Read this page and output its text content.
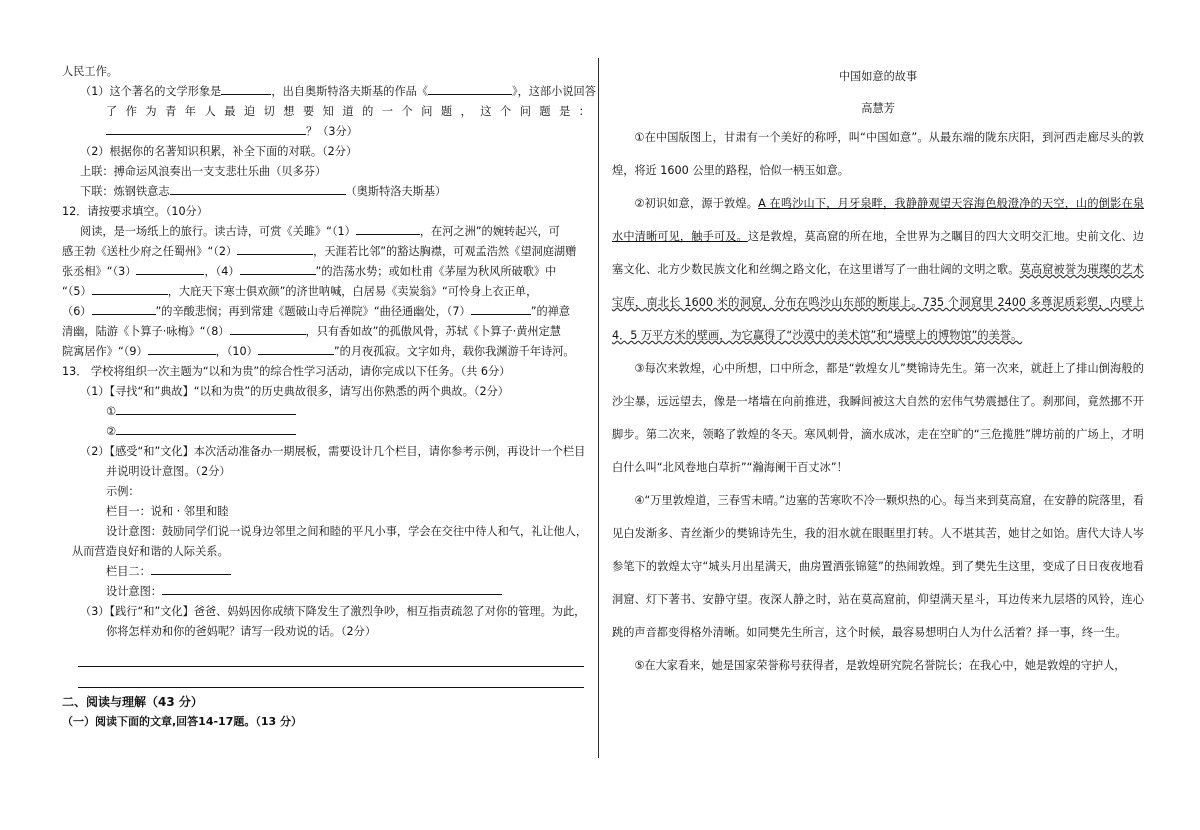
人民工作。
（1）这个著名的文学形象是	，出自奥斯特洛夫斯基的作品《	》，这部小说回答
了 作 为 青 年 人 最 迫 切 想 要 知 道 的 一 个 问 题 ， 这 个 问 题 是 ：
？（3分）
（2）根据你的名著知识积累，补全下面的对联。（2分）
上联：搏命运风浪奏出一支支悲壮乐曲（贝多芬）
下联：炼钢铁意志	（奥斯特洛夫斯基）
12．请按要求填空。（10分）
阅读，是一场纸上的旅行。读古诗，可赏《关雎》“（1）	，在河之洲”的婉转起兴，可
感王勃《送杜少府之任蜀州》“（2）	，天涯若比邻”的豁达胸襟，可观孟浩然《望洞庭湖赠
张丞相》“（3）	，（4）	”的浩荡水势；或如杜甫《茅屋为秋风所破歌》中
“（5）	，大庇天下寒士俱欢颜”的济世呐喊，白居易《卖炭翁》“可怜身上衣正单，
（6）	”的辛酸悲悯；再到常建《题破山寺后禅院》“曲径通幽处，（7）	”的禅意
清幽，陆游《卜算子·咏梅》“（8）	，只有香如故”的孤傲风骨，苏轼《卜算子·黄州定慧
院寓居作》“（9）	，（10）	”的月夜孤寂。文字如舟，载你我渊游千年诗河。
13． 学校将组织一次主题为“以和为贵”的综合性学习活动，请你完成以下任务。（共 6分）
（1）【寻找“和”典故】“以和为贵”的历史典故很多，请写出你熟悉的两个典故。（2分）
①
②
（2）【感受“和”文化】本次活动准备办一期展板，需要设计几个栏目，请你参考示例，再设计一个栏目
并说明设计意图。（2分）
示例：
栏目一：说和 · 邻里和睦
设计意图：鼓励同学们说一说身边邻里之间和睦的平凡小事，学会在交往中待人和气，礼让他人，
从而营造良好和谐的人际关系。
栏目二：
设计意图：
（3）【践行“和”文化】爸爸、妈妈因你成绩下降发生了激烈争吵，相互指责疏忽了对你的管理。为此，
你将怎样劝和你的爸妈呢？请写一段劝说的话。（2分）
二、阅读与理解（43 分）
（一）阅读下面的文章,回答14-17题。（13 分）
中国如意的故事
高慧芳
①在中国版图上，甘肃有一个美好的称呼，叫“中国如意”。从最东端的陇东庆阳，到河西走廊尽头的敦煌，将近 1600 公里的路程，恰似一柄玉如意。
②初识如意，源于敦煌。A 在鸣沙山下，月牙泉畔，我静静观望天容海色般澄净的天空，山的倒影在泉水中清晰可见，触手可及。这是敦煌，莫高窟的所在地，全世界为之瞩目的四大文明交汇地。史前文化、边塞文化、北方少数民族文化和丝绸之路文化，在这里谱写了一曲壮阔的文明之歌。莫高窟被誉为璀璨的艺术宝库，南北长 1600 米的洞窟，分布在鸣沙山东部的断崖上。735 个洞窟里 2400 多尊泥质彩塑，内壁上 4．5 万平方米的壁画，为它赢得了“沙漠中的美术馆”和“墙壁上的博物馆”的美誉。
③每次来敦煌，心中所想，口中所念，都是“敦煌女儿”樊锦诗先生。第一次来，就赶上了排山倒海般的沙尘暴，远远望去，像是一堵墙在向前推进，我瞬间被这大自然的宏伟气势震撼住了。刹那间，竟然挪不开脚步。第二次来，领略了敦煌的冬天。寒风刺骨，滴水成冰，走在空旷的“三危揽胜”牌坊前的广场上，才明白什么叫“北风卷地白草折”“瀚海阑干百丈冰”！
④“万里敦煌道，三春雪未晴。”边塞的苦寒吹不冷一颗炽热的心。每当来到莫高窟，在安静的院落里，看见白发渐多、青丝渐少的樊锦诗先生，我的泪水就在眼眶里打转。人不堪其苦，她甘之如饴。唐代大诗人岑参笔下的敦煌太守“城头月出星满天，曲房置酒张锦筵”的热闹敦煌。到了樊先生这里，变成了日日夜夜地看洞窟、灯下著书、安静守望。夜深人静之时，站在莫高窟前，仰望满天星斗，耳边传来九层塔的风铃，连心跳的声音都变得格外清晰。如同樊先生所言，这个时候，最容易想明白人为什么活着？择一事，终一生。
⑤在大家看来，她是国家荣誉称号获得者，是敦煌研究院名誉院长；在我心中，她是敦煌的守护人，
